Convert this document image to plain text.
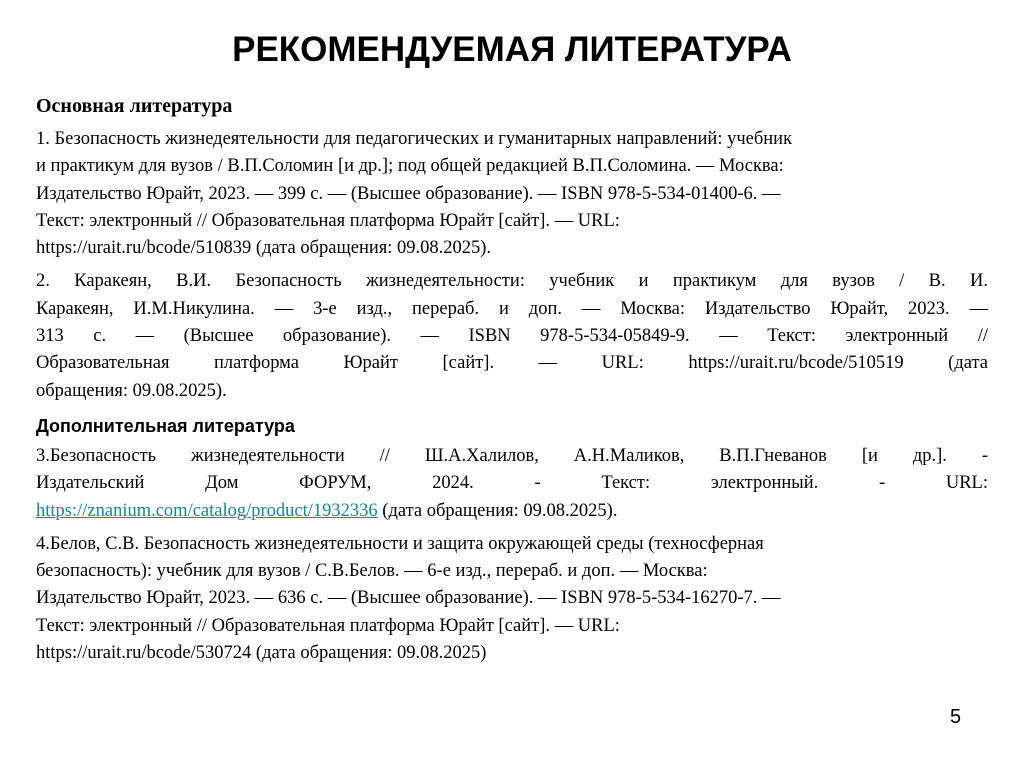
РЕКОМЕНДУЕМАЯ ЛИТЕРАТУРА
Основная литература
1. Безопасность жизнедеятельности для педагогических и гуманитарных направлений: учебник
и практикум для вузов / В.П.Соломин [и др.]; под общей редакцией В.П.Соломина. — Москва:
Издательство Юрайт, 2023. — 399 с. — (Высшее образование). — ISBN 978-5-534-01400-6. —
Текст: электронный // Образовательная платформа Юрайт [сайт]. — URL:
https://urait.ru/bcode/510839 (дата обращения: 09.08.2025).
2. Каракеян, В.И. Безопасность жизнедеятельности: учебник и практикум для вузов / В. И.
Каракеян, И.М.Никулина. — 3-е изд., перераб. и доп. — Москва: Издательство Юрайт, 2023. —
313 с. — (Высшее образование). — ISBN 978-5-534-05849-9. — Текст: электронный //
Образовательная платформа Юрайт [сайт]. — URL: https://urait.ru/bcode/510519 (дата
обращения: 09.08.2025).
Дополнительная литература
3.Безопасность жизнедеятельности // Ш.А.Халилов, А.Н.Маликов, В.П.Гневанов [и др.]. -
Издательский Дом ФОРУМ, 2024. - Текст: электронный. - URL:
https://znanium.com/catalog/product/1932336 (дата обращения: 09.08.2025).
4.Белов, С.В. Безопасность жизнедеятельности и защита окружающей среды (техносферная
безопасность): учебник для вузов / С.В.Белов. — 6-е изд., перераб. и доп. — Москва:
Издательство Юрайт, 2023. — 636 с. — (Высшее образование). — ISBN 978-5-534-16270-7. —
Текст: электронный // Образовательная платформа Юрайт [сайт]. — URL:
https://urait.ru/bcode/530724 (дата обращения: 09.08.2025)
5
